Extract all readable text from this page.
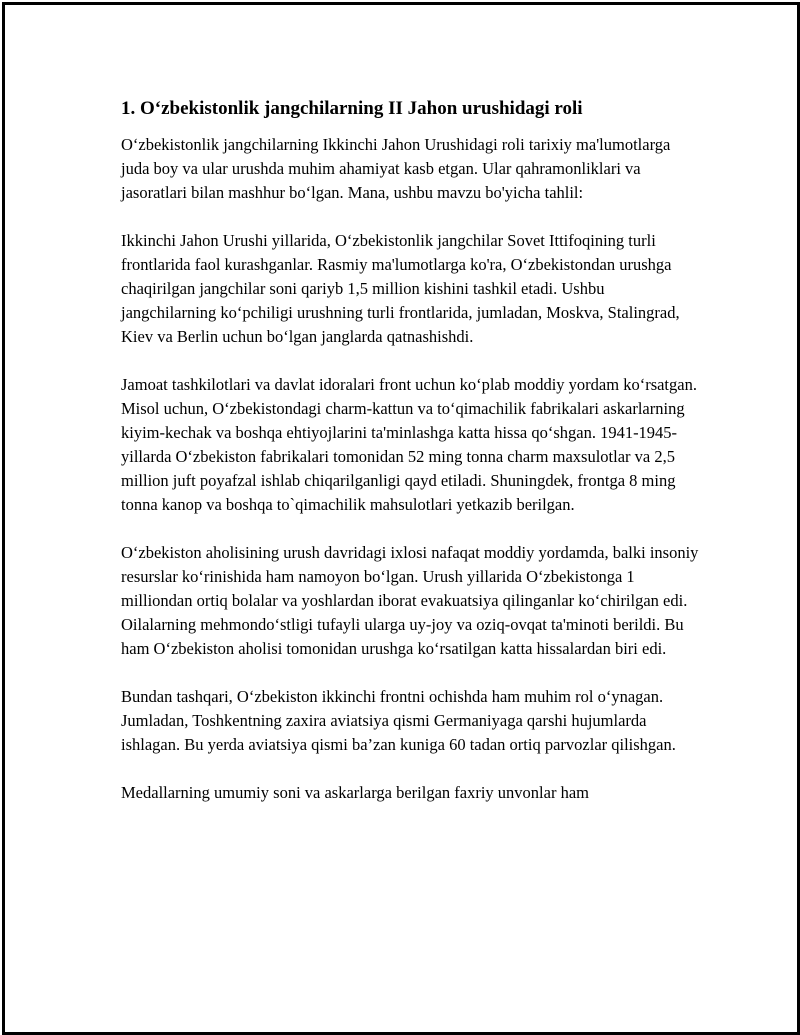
1. O‘zbekistonlik jangchilarning II Jahon urushidagi roli

O‘zbekistonlik jangchilarning Ikkinchi Jahon Urushidagi roli tarixiy ma'lumotlarga juda boy va ular urushda muhim ahamiyat kasb etgan. Ular qahramonliklari va jasoratlari bilan mashhur bo‘lgan. Mana, ushbu mavzu bo'yicha tahlil:

Ikkinchi Jahon Urushi yillarida, O‘zbekistonlik jangchilar Sovet Ittifoqining turli frontlarida faol kurashganlar. Rasmiy ma'lumotlarga ko'ra, O‘zbekistondan urushga chaqirilgan jangchilar soni qariyb 1,5 million kishini tashkil etadi. Ushbu jangchilarning ko‘pchiligi urushning turli frontlarida, jumladan, Moskva, Stalingrad, Kiev va Berlin uchun bo‘lgan janglarda qatnashishdi.

Jamoat tashkilotlari va davlat idoralari front uchun ko‘plab moddiy yordam ko‘rsatgan. Misol uchun, O‘zbekistondagi charm-kattun va to‘qimachilik fabrikalari askarlarning kiyim-kechak va boshqa ehtiyojlarini ta'minlashga katta hissa qo‘shgan. 1941-1945-yillarda O‘zbekiston fabrikalari tomonidan 52 ming tonna charm maxsulotlar va 2,5 million juft poyafzal ishlab chiqarilganligi qayd etiladi. Shuningdek, frontga 8 ming tonna kanop va boshqa to`qimachilik mahsulotlari yetkazib berilgan.

O‘zbekiston aholisining urush davridagi ixlosi nafaqat moddiy yordamda, balki insoniy resurslar ko‘rinishida ham namoyon bo‘lgan. Urush yillarida O‘zbekistonga 1 milliondan ortiq bolalar va yoshlardan iborat evakuatsiya qilinganlar ko‘chirilgan edi. Oilalarning mehmondo‘stligi tufayli ularga uy-joy va oziq-ovqat ta'minoti berildi. Bu ham O‘zbekiston aholisi tomonidan urushga ko‘rsatilgan katta hissalardan biri edi.

Bundan tashqari, O‘zbekiston ikkinchi frontni ochishda ham muhim rol o‘ynagan. Jumladan, Toshkentning zaxira aviatsiya qismi Germaniyaga qarshi hujumlarda ishlagan. Bu yerda aviatsiya qismi ba’zan kuniga 60 tadan ortiq parvozlar qilishgan.

Medallarning umumiy soni va askarlarga berilgan faxriy unvonlar ham
